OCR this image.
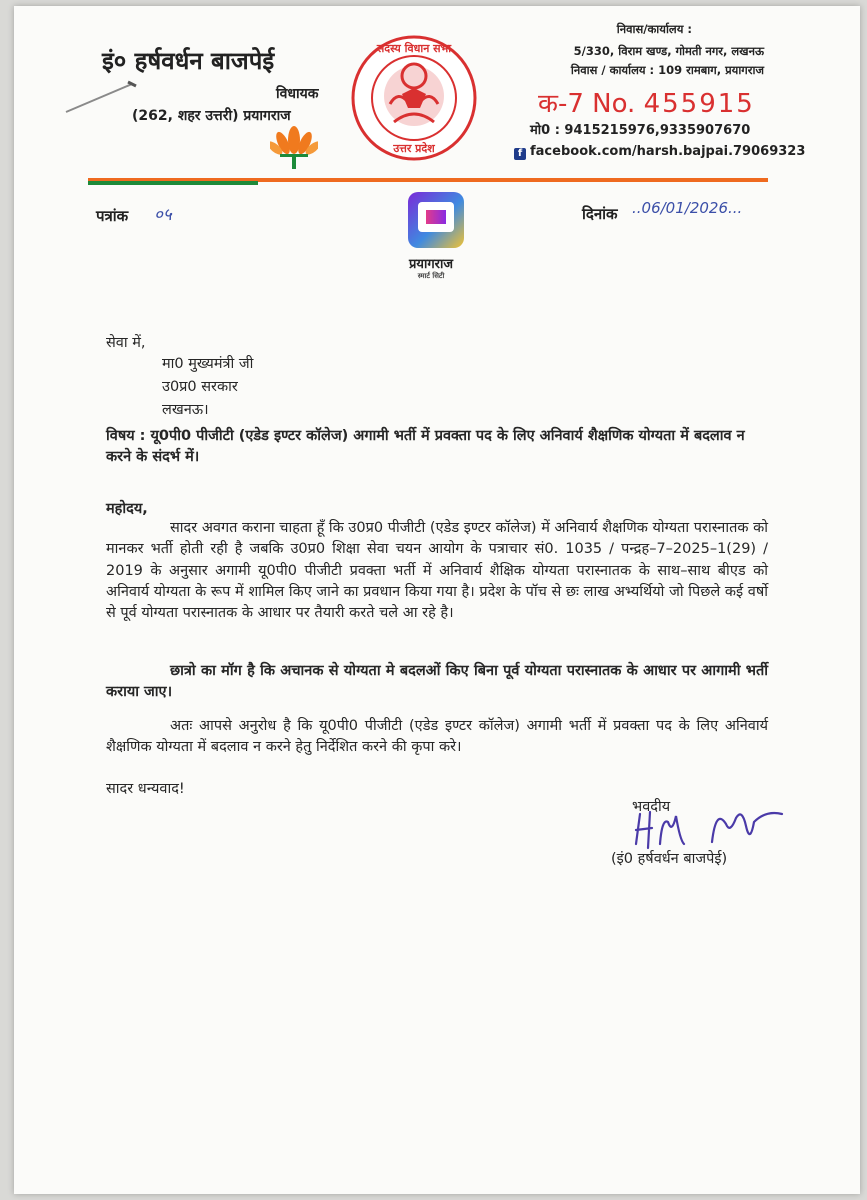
इं० हर्षवर्धन बाजपेई
विधायक
(262, शहर उत्तरी) प्रयागराज
सदस्य विधान सभा
उत्तर प्रदेश
निवास/कार्यालय :
5/330, विराम खण्ड, गोमती नगर, लखनऊ
निवास / कार्यालय : 109 रामबाग, प्रयागराज
क-7 No. 455915
मो0 : 9415215976,9335907670
f facebook.com/harsh.bajpai.79069323
पत्रांक ०५
प्रयागराज
स्मार्ट सिटी
दिनांक ..06/01/2026...
सेवा में,
मा0 मुख्यमंत्री जी
उ0प्र0 सरकार
लखनऊ।
विषय : यू0पी0 पीजीटी (एडेड इण्टर कॉलेज) अगामी भर्ती में प्रवक्ता पद के लिए अनिवार्य शैक्षणिक योग्यता में बदलाव न करने के संदर्भ में।
महोदय,
सादर अवगत कराना चाहता हूँ कि उ0प्र0 पीजीटी (एडेड इण्टर कॉलेज) में अनिवार्य शैक्षणिक योग्यता परास्नातक को मानकर भर्ती होती रही है जबकि उ0प्र0 शिक्षा सेवा चयन आयोग के पत्राचार सं0. 1035 / पन्द्रह–7–2025–1(29) / 2019 के अनुसार अगामी यू0पी0 पीजीटी प्रवक्ता भर्ती में अनिवार्य शैक्षिक योग्यता परास्नातक के साथ–साथ बीएड को अनिवार्य योग्यता के रूप में शामिल किए जाने का प्रवधान किया गया है। प्रदेश के पॉच से छः लाख अभ्यर्थियो जो पिछले कई वर्षो से पूर्व योग्यता परास्नातक के आधार पर तैयारी करते चले आ रहे है।
छात्रो का मॉग है कि अचानक से योग्यता मे बदलओं किए बिना पूर्व योग्यता परास्नातक के आधार पर आगामी भर्ती कराया जाए।
अतः आपसे अनुरोध है कि यू0पी0 पीजीटी (एडेड इण्टर कॉलेज) अगामी भर्ती में प्रवक्ता पद के लिए अनिवार्य शैक्षणिक योग्यता में बदलाव न करने हेतु निर्देशित करने की कृपा करे।
सादर धन्यवाद!
भवदीय
(इं0 हर्षवर्धन बाजपेई)
